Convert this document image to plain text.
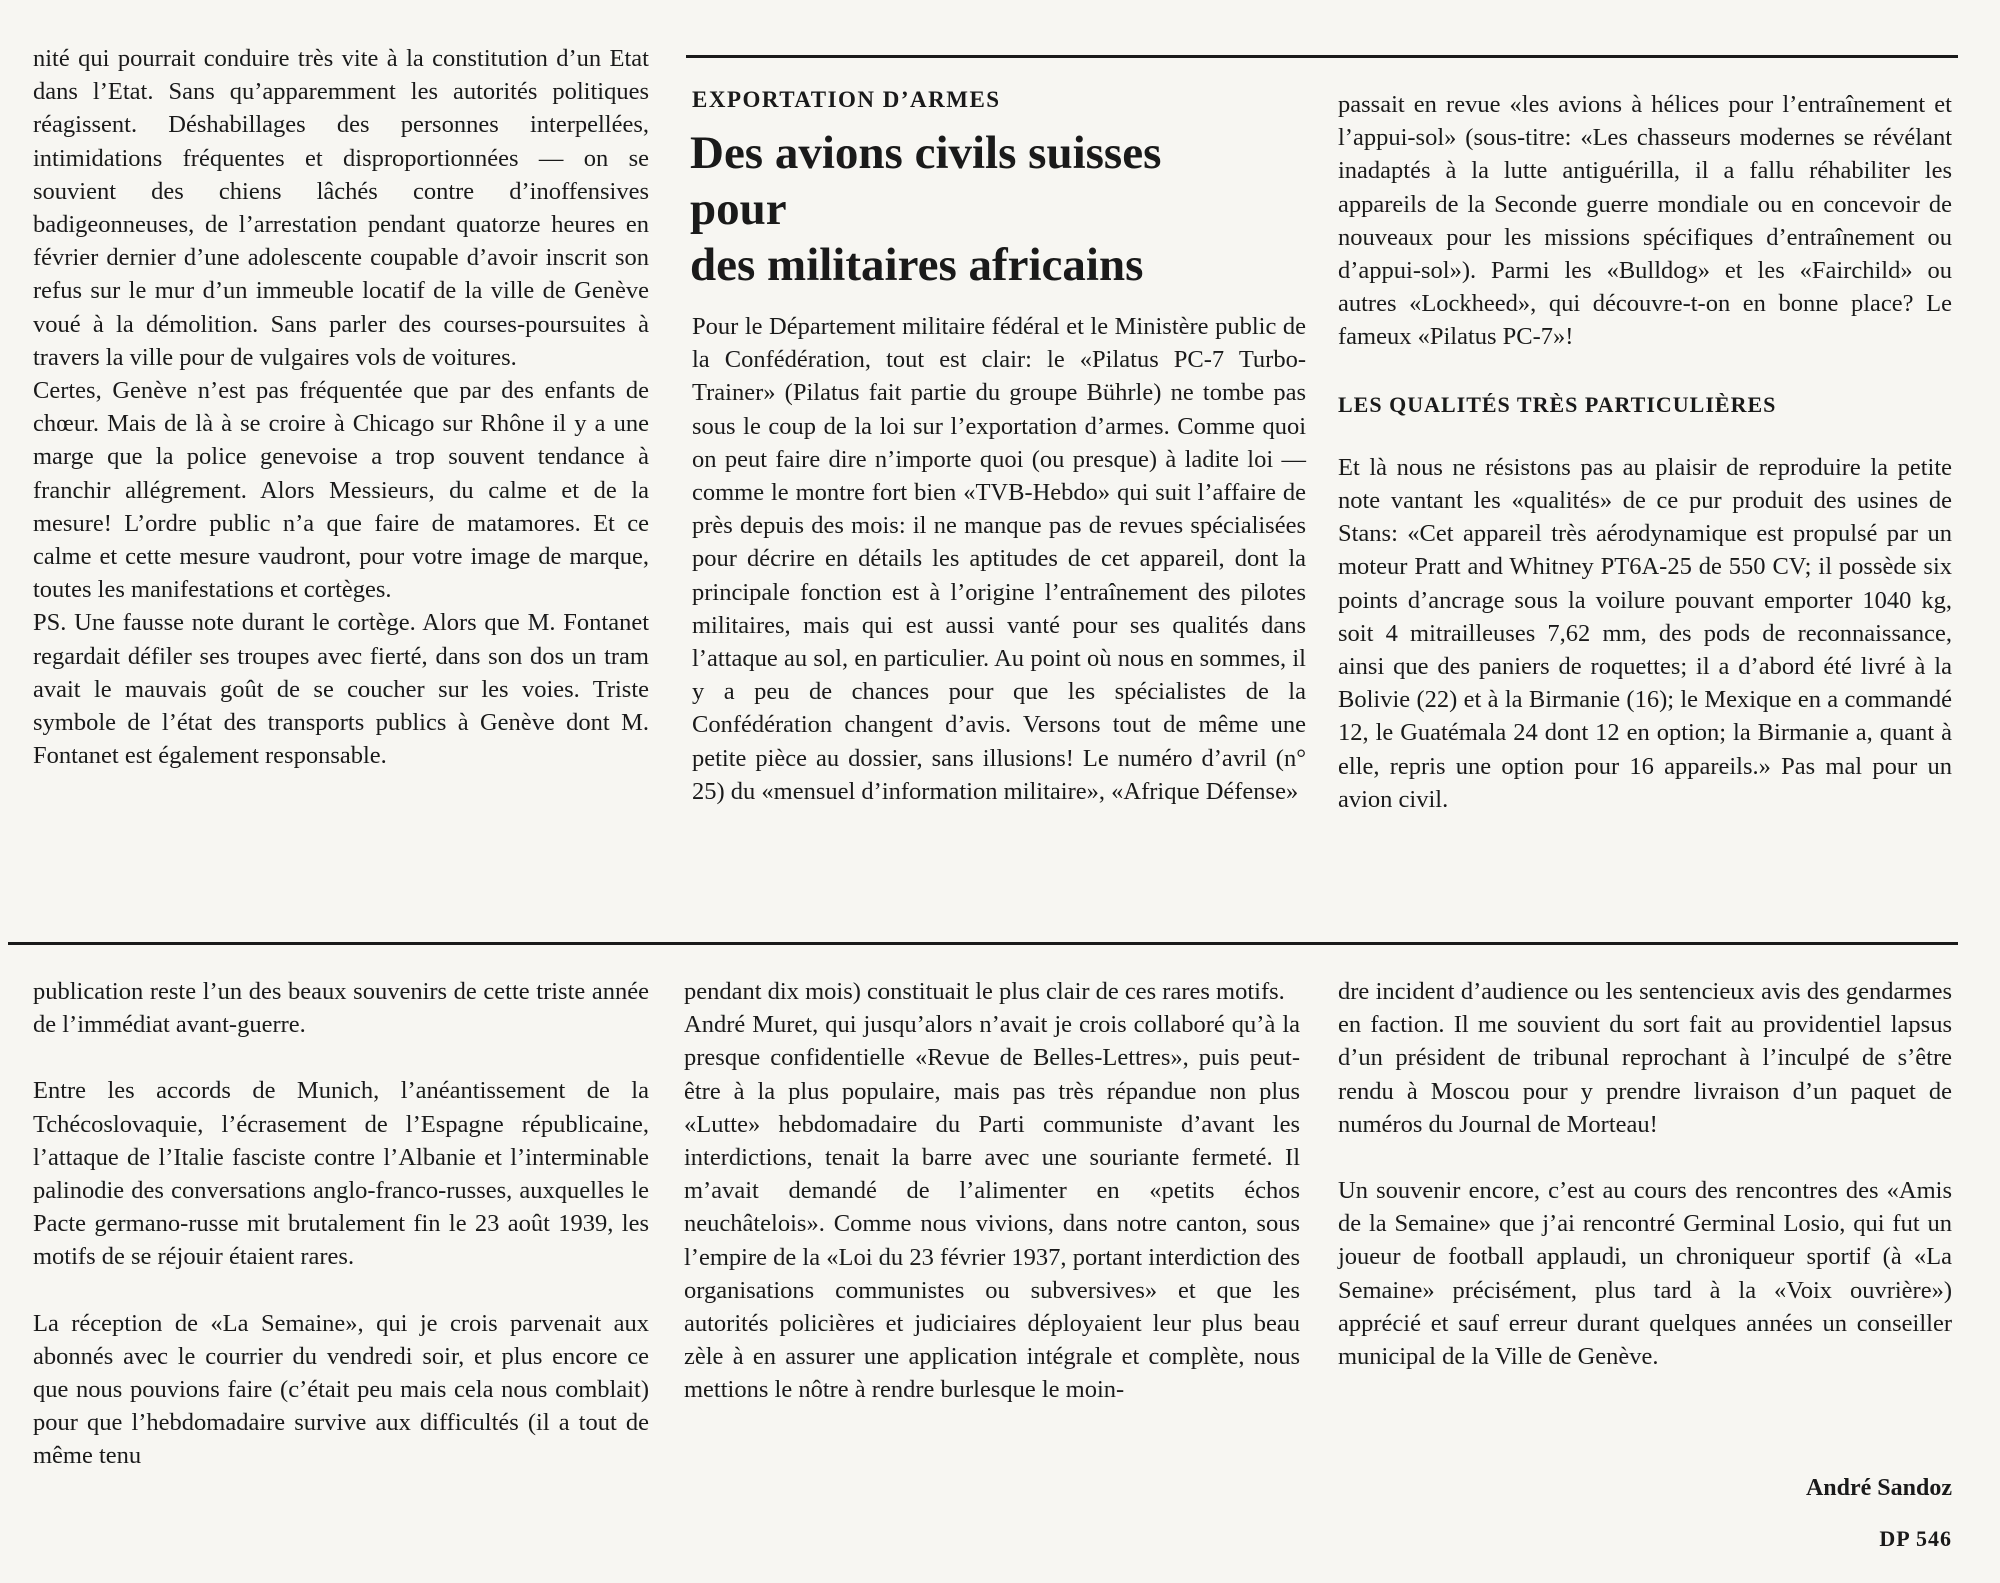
nité qui pourrait conduire très vite à la constitution d’un Etat dans l’Etat. Sans qu’apparemment les autorités politiques réagissent. Déshabillages des personnes interpellées, intimidations fréquentes et disproportionnées — on se souvient des chiens lâchés contre d’inoffensives badigeonneuses, de l’arrestation pendant quatorze heures en février dernier d’une adolescente coupable d’avoir inscrit son refus sur le mur d’un immeuble locatif de la ville de Genève voué à la démolition. Sans parler des courses-poursuites à travers la ville pour de vulgaires vols de voitures.

Certes, Genève n’est pas fréquentée que par des enfants de chœur. Mais de là à se croire à Chicago sur Rhône il y a une marge que la police genevoise a trop souvent tendance à franchir allégrement. Alors Messieurs, du calme et de la mesure! L’ordre public n’a que faire de matamores. Et ce calme et cette mesure vaudront, pour votre image de marque, toutes les manifestations et cortèges.

PS. Une fausse note durant le cortège. Alors que M. Fontanet regardait défiler ses troupes avec fierté, dans son dos un tram avait le mauvais goût de se coucher sur les voies. Triste symbole de l’état des transports publics à Genève dont M. Fontanet est également responsable.

EXPORTATION D’ARMES
Des avions civils suisses
pour
des militaires africains

Pour le Département militaire fédéral et le Ministère public de la Confédération, tout est clair: le «Pilatus PC-7 Turbo-Trainer» (Pilatus fait partie du groupe Bührle) ne tombe pas sous le coup de la loi sur l’exportation d’armes. Comme quoi on peut faire dire n’importe quoi (ou presque) à ladite loi — comme le montre fort bien «TVB-Hebdo» qui suit l’affaire de près depuis des mois: il ne manque pas de revues spécialisées pour décrire en détails les aptitudes de cet appareil, dont la principale fonction est à l’origine l’entraînement des pilotes militaires, mais qui est aussi vanté pour ses qualités dans l’attaque au sol, en particulier. Au point où nous en sommes, il y a peu de chances pour que les spécialistes de la Confédération changent d’avis. Versons tout de même une petite pièce au dossier, sans illusions! Le numéro d’avril (n° 25) du «mensuel d’information militaire», «Afrique Défense»

passait en revue «les avions à hélices pour l’entraînement et l’appui-sol» (sous-titre: «Les chasseurs modernes se révélant inadaptés à la lutte antiguérilla, il a fallu réhabiliter les appareils de la Seconde guerre mondiale ou en concevoir de nouveaux pour les missions spécifiques d’entraînement ou d’appui-sol»). Parmi les «Bulldog» et les «Fairchild» ou autres «Lockheed», qui découvre-t-on en bonne place? Le fameux «Pilatus PC-7»!

LES QUALITÉS TRÈS PARTICULIÈRES

Et là nous ne résistons pas au plaisir de reproduire la petite note vantant les «qualités» de ce pur produit des usines de Stans: «Cet appareil très aérodynamique est propulsé par un moteur Pratt and Whitney PT6A-25 de 550 CV; il possède six points d’ancrage sous la voilure pouvant emporter 1040 kg, soit 4 mitrailleuses 7,62 mm, des pods de reconnaissance, ainsi que des paniers de roquettes; il a d’abord été livré à la Bolivie (22) et à la Birmanie (16); le Mexique en a commandé 12, le Guatémala 24 dont 12 en option; la Birmanie a, quant à elle, repris une option pour 16 appareils.» Pas mal pour un avion civil.

publication reste l’un des beaux souvenirs de cette triste année de l’immédiat avant-guerre.

Entre les accords de Munich, l’anéantissement de la Tchécoslovaquie, l’écrasement de l’Espagne républicaine, l’attaque de l’Italie fasciste contre l’Albanie et l’interminable palinodie des conversations anglo-franco-russes, auxquelles le Pacte germano-russe mit brutalement fin le 23 août 1939, les motifs de se réjouir étaient rares.

La réception de «La Semaine», qui je crois parvenait aux abonnés avec le courrier du vendredi soir, et plus encore ce que nous pouvions faire (c’était peu mais cela nous comblait) pour que l’hebdomadaire survive aux difficultés (il a tout de même tenu

pendant dix mois) constituait le plus clair de ces rares motifs.

André Muret, qui jusqu’alors n’avait je crois collaboré qu’à la presque confidentielle «Revue de Belles-Lettres», puis peut-être à la plus populaire, mais pas très répandue non plus «Lutte» hebdomadaire du Parti communiste d’avant les interdictions, tenait la barre avec une souriante fermeté. Il m’avait demandé de l’alimenter en «petits échos neuchâtelois». Comme nous vivions, dans notre canton, sous l’empire de la «Loi du 23 février 1937, portant interdiction des organisations communistes ou subversives» et que les autorités policières et judiciaires déployaient leur plus beau zèle à en assurer une application intégrale et complète, nous mettions le nôtre à rendre burlesque le moin-

dre incident d’audience ou les sentencieux avis des gendarmes en faction. Il me souvient du sort fait au providentiel lapsus d’un président de tribunal reprochant à l’inculpé de s’être rendu à Moscou pour y prendre livraison d’un paquet de numéros du Journal de Morteau!

Un souvenir encore, c’est au cours des rencontres des «Amis de la Semaine» que j’ai rencontré Germinal Losio, qui fut un joueur de football applaudi, un chroniqueur sportif (à «La Semaine» précisément, plus tard à la «Voix ouvrière») apprécié et sauf erreur durant quelques années un conseiller municipal de la Ville de Genève.

André Sandoz
DP 546
